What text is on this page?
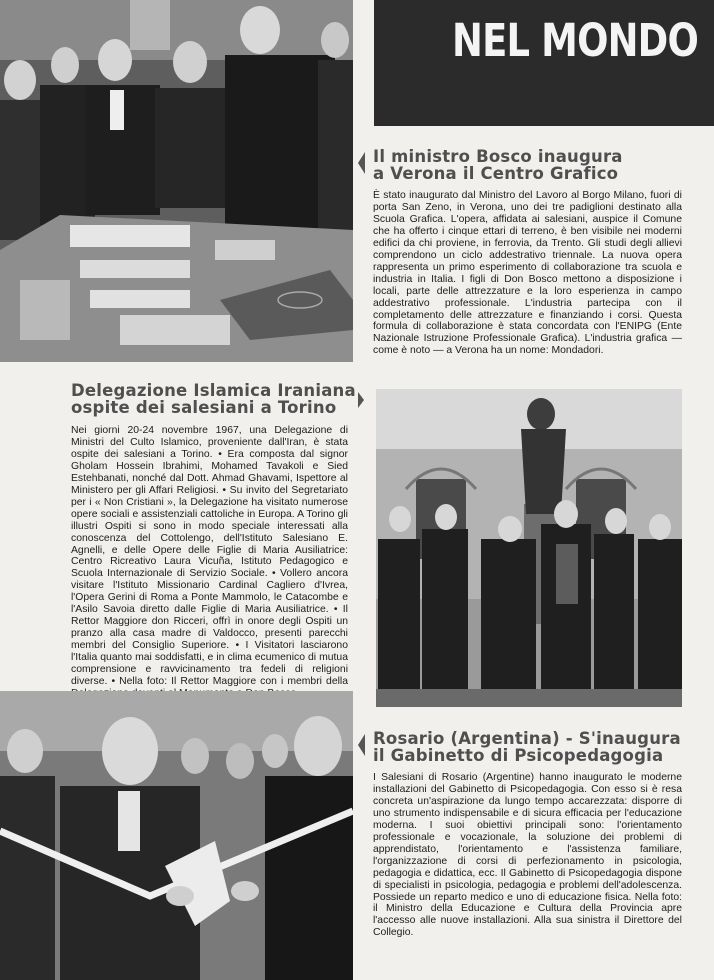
NEL MONDO
Il ministro Bosco inaugura
a Verona il Centro Grafico
È stato inaugurato dal Ministro del Lavoro al Borgo Milano, fuori di porta San Zeno, in Verona, uno dei tre padiglioni destinato alla Scuola Grafica. L'opera, affidata ai salesiani, auspice il Comune che ha offerto i cinque ettari di terreno, è ben visibile nei moderni edifici da chi proviene, in ferrovia, da Trento. Gli studi degli allievi comprendono un ciclo addestrativo triennale. La nuova opera rappresenta un primo esperimento di collaborazione tra scuola e industria in Italia. I figli di Don Bosco mettono a disposizione i locali, parte delle attrezzature e la loro esperienza in campo addestrativo professionale. L'industria partecipa con il completamento delle attrezzature e finanziando i corsi. Questa formula di collaborazione è stata concordata con l'ENIPG (Ente Nazionale Istruzione Professionale Grafica). L'industria grafica — come è noto — a Verona ha un nome: Mondadori.
Delegazione Islamica Iraniana
ospite dei salesiani a Torino
Nei giorni 20-24 novembre 1967, una Delegazione di Ministri del Culto Islamico, proveniente dall'Iran, è stata ospite dei salesiani a Torino. • Era composta dal signor Gholam Hossein Ibrahimi, Mohamed Tavakoli e Sied Estehbanati, nonché dal Dott. Ahmad Ghavami, Ispettore al Ministero per gli Affari Religiosi. • Su invito del Segretariato per i « Non Cristiani », la Delegazione ha visitato numerose opere sociali e assistenziali cattoliche in Europa. A Torino gli illustri Ospiti si sono in modo speciale interessati alla conoscenza del Cottolengo, dell'Istituto Salesiano E. Agnelli, e delle Opere delle Figlie di Maria Ausiliatrice: Centro Ricreativo Laura Vicuña, Istituto Pedagogico e Scuola Internazionale di Servizio Sociale. • Vollero ancora visitare l'Istituto Missionario Cardinal Cagliero d'Ivrea, l'Opera Gerini di Roma a Ponte Mammolo, le Catacombe e l'Asilo Savoia diretto dalle Figlie di Maria Ausiliatrice. • Il Rettor Maggiore don Ricceri, offrì in onore degli Ospiti un pranzo alla casa madre di Valdocco, presenti parecchi membri del Consiglio Superiore. • I Visitatori lasciarono l'Italia quanto mai soddisfatti, e in clima ecumenico di mutua comprensione e ravvicinamento tra fedeli di religioni diverse. • Nella foto: Il Rettor Maggiore con i membri della
Rosario (Argentina) - S'inaugura
il Gabinetto di Psicopedagogia
I Salesiani di Rosario (Argentine) hanno inaugurato le moderne installazioni del Gabinetto di Psicopedagogia. Con esso si è resa concreta un'aspirazione da lungo tempo accarezzata: disporre di uno strumento indispensabile e di sicura efficacia per l'educazione moderna. I suoi obiettivi principali sono: l'orientamento professionale e vocazionale, la soluzione dei problemi di apprendistato, l'orientamento e l'assistenza familiare, l'organizzazione di corsi di perfezionamento in psicologia, pedagogia e didattica, ecc. Il Gabinetto di Psicopedagogia dispone di specialisti in psicologia, pedagogia e problemi dell'adolescenza. Possiede un reparto medico e uno di educazione fisica. Nella foto: il Ministro della Educazione e Cultura della Provincia apre l'accesso alle nuove installazioni. Alla sua sinistra il Direttore del Collegio.
